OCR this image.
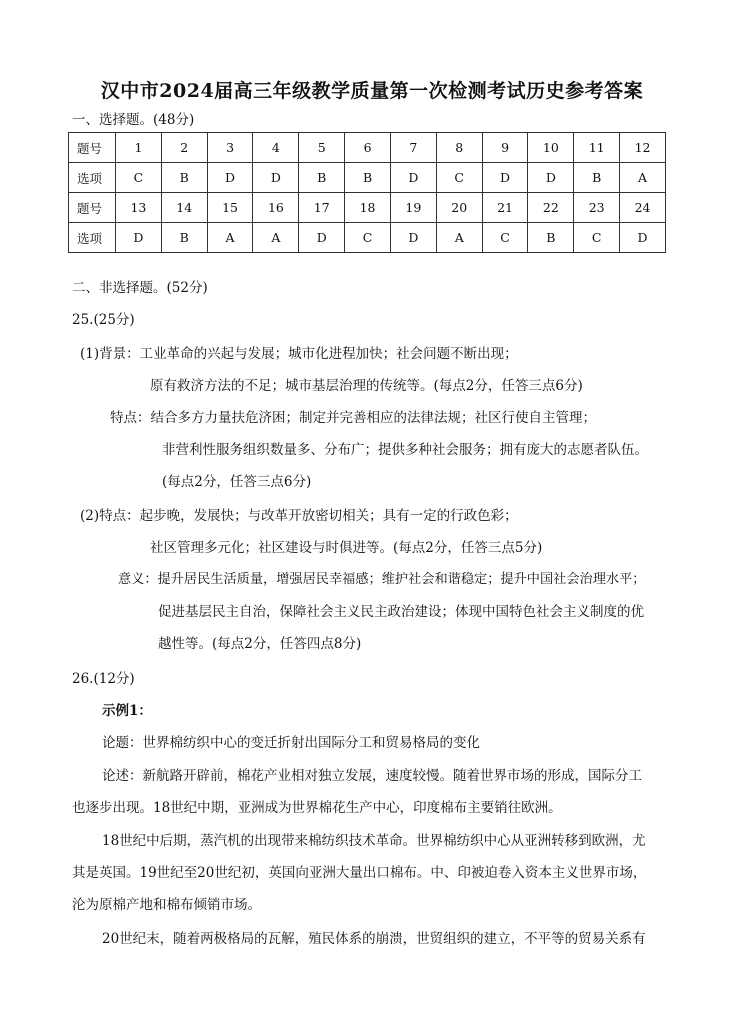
汉中市2024届高三年级教学质量第一次检测考试历史参考答案
一、选择题。(48分)
题号	1	2	3	4	5	6	7	8	9	10	11	12
选项	C	B	D	D	B	B	D	C	D	D	B	A
题号	13	14	15	16	17	18	19	20	21	22	23	24
选项	D	B	A	A	D	C	D	A	C	B	C	D
二、非选择题。(52分)
25.(25分)
(1)背景：工业革命的兴起与发展；城市化进程加快；社会问题不断出现；
原有救济方法的不足；城市基层治理的传统等。(每点2分，任答三点6分)
特点：结合多方力量扶危济困；制定并完善相应的法律法规；社区行使自主管理；
非营利性服务组织数量多、分布广；提供多种社会服务；拥有庞大的志愿者队伍。
(每点2分，任答三点6分)
(2)特点：起步晚，发展快；与改革开放密切相关；具有一定的行政色彩；
社区管理多元化；社区建设与时俱进等。(每点2分，任答三点5分)
意义：提升居民生活质量，增强居民幸福感；维护社会和谐稳定；提升中国社会治理水平；
促进基层民主自治，保障社会主义民主政治建设；体现中国特色社会主义制度的优
越性等。(每点2分，任答四点8分)
26.(12分)
示例1：
论题：世界棉纺织中心的变迁折射出国际分工和贸易格局的变化
论述：新航路开辟前，棉花产业相对独立发展，速度较慢。随着世界市场的形成，国际分工
也逐步出现。18世纪中期，亚洲成为世界棉花生产中心，印度棉布主要销往欧洲。
18世纪中后期，蒸汽机的出现带来棉纺织技术革命。世界棉纺织中心从亚洲转移到欧洲，尤
其是英国。19世纪至20世纪初，英国向亚洲大量出口棉布。中、印被迫卷入资本主义世界市场，
沦为原棉产地和棉布倾销市场。
20世纪末，随着两极格局的瓦解，殖民体系的崩溃，世贸组织的建立，不平等的贸易关系有
